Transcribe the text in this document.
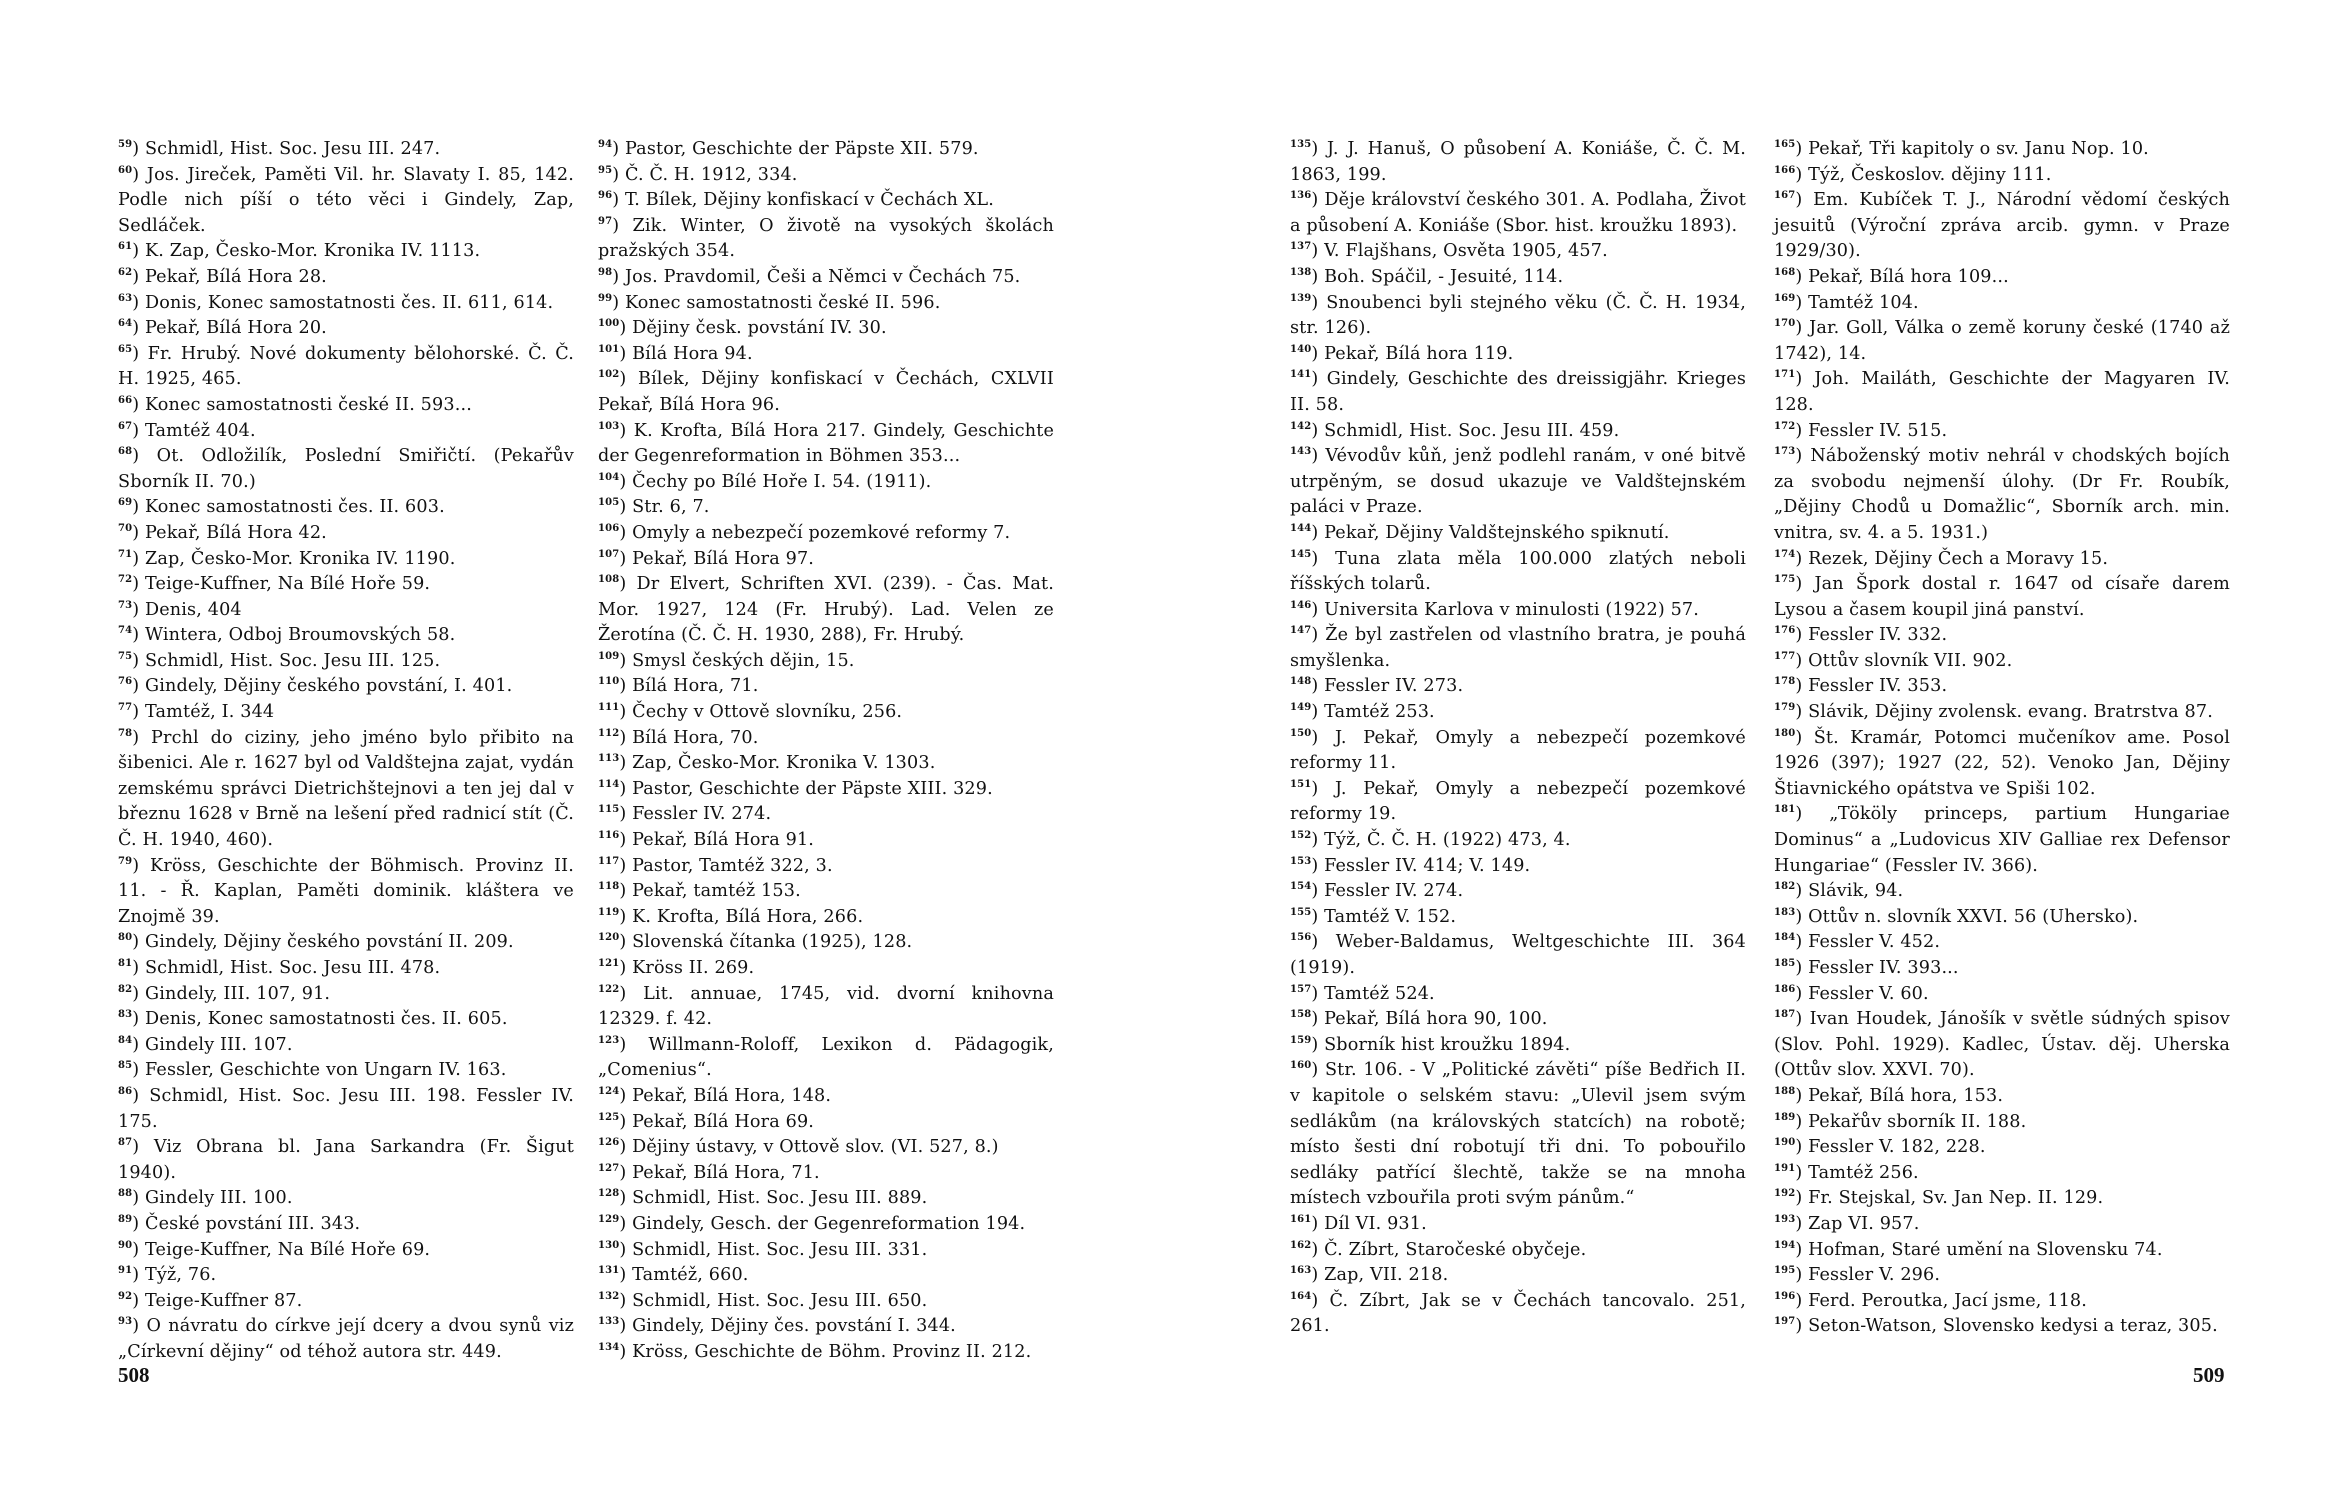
$^{59}$) Schmidl, Hist. Soc. Jesu III. 247.

$^{60}$) Jos. Jireček, Paměti Vil. hr. Slavaty I. 85, 142. Podle nich píší o této věci i Gindely, Zap, Sedláček.

$^{61}$) K. Zap, Česko-Mor. Kronika IV. 1113.

$^{62}$) Pekař, Bílá Hora 28.

$^{63}$) Donis, Konec samostatnosti čes. II. 611, 614.

$^{64}$) Pekař, Bílá Hora 20.

$^{65}$) Fr. Hrubý. Nové dokumenty bělohorské. Č. Č. H. 1925, 465.

$^{66}$) Konec samostatnosti české II. 593...

$^{67}$) Tamtéž 404.

$^{68}$) Ot. Odložilík, Poslední Smiřičtí. (Pekařův Sborník II. 70.)

$^{69}$) Konec samostatnosti čes. II. 603.

$^{70}$) Pekař, Bílá Hora 42.

$^{71}$) Zap, Česko-Mor. Kronika IV. 1190.

$^{72}$) Teige-Kuffner, Na Bílé Hoře 59.

$^{73}$) Denis, 404

$^{74}$) Wintera, Odboj Broumovských 58.

$^{75}$) Schmidl, Hist. Soc. Jesu III. 125.

$^{76}$) Gindely, Dějiny českého povstání, I. 401.

$^{77}$) Tamtéž, I. 344

$^{78}$) Prchl do ciziny, jeho jméno bylo přibito na šibenici. Ale r. 1627 byl od Valdštejna zajat, vydán zemskému správci Dietrichštejnovi a ten jej dal v březnu 1628 v Brně na lešení před radnicí stít (Č. Č. H. 1940, 460).

$^{79}$) Kröss, Geschichte der Böhmisch. Provinz II. 11. - Ř. Kaplan, Paměti dominik. kláštera ve Znojmě 39.

$^{80}$) Gindely, Dějiny českého povstání II. 209.

$^{81}$) Schmidl, Hist. Soc. Jesu III. 478.

$^{82}$) Gindely, III. 107, 91.

$^{83}$) Denis, Konec samostatnosti čes. II. 605.

$^{84}$) Gindely III. 107.

$^{85}$) Fessler, Geschichte von Ungarn IV. 163.

$^{86}$) Schmidl, Hist. Soc. Jesu III. 198. Fessler IV. 175.

$^{87}$) Viz Obrana bl. Jana Sarkandra (Fr. Šigut 1940).

$^{88}$) Gindely III. 100.

$^{89}$) České povstání III. 343.

$^{90}$) Teige-Kuffner, Na Bílé Hoře 69.

$^{91}$) Týž, 76.

$^{92}$) Teige-Kuffner 87.

$^{93}$) O návratu do církve její dcery a dvou synů viz „Církevní dějiny“ od téhož autora str. 449.

$^{94}$) Pastor, Geschichte der Päpste XII. 579.

$^{95}$) Č. Č. H. 1912, 334.

$^{96}$) T. Bílek, Dějiny konfiskací v Čechách XL.

$^{97}$) Zik. Winter, O životě na vysokých školách pražských 354.

$^{98}$) Jos. Pravdomil, Češi a Němci v Čechách 75.

$^{99}$) Konec samostatnosti české II. 596.

$^{100}$) Dějiny česk. povstání IV. 30.

$^{101}$) Bílá Hora 94.

$^{102}$) Bílek, Dějiny konfiskací v Čechách, CXLVII Pekař, Bílá Hora 96.

$^{103}$) K. Krofta, Bílá Hora 217. Gindely, Geschichte der Gegenreformation in Böhmen 353...

$^{104}$) Čechy po Bílé Hoře I. 54. (1911).

$^{105}$) Str. 6, 7.

$^{106}$) Omyly a nebezpečí pozemkové reformy 7.

$^{107}$) Pekař, Bílá Hora 97.

$^{108}$) Dr Elvert, Schriften XVI. (239). - Čas. Mat. Mor. 1927, 124 (Fr. Hrubý). Lad. Velen ze Žerotína (Č. Č. H. 1930, 288), Fr. Hrubý.

$^{109}$) Smysl českých dějin, 15.

$^{110}$) Bílá Hora, 71.

$^{111}$) Čechy v Ottově slovníku, 256.

$^{112}$) Bílá Hora, 70.

$^{113}$) Zap, Česko-Mor. Kronika V. 1303.

$^{114}$) Pastor, Geschichte der Päpste XIII. 329.

$^{115}$) Fessler IV. 274.

$^{116}$) Pekař, Bílá Hora 91.

$^{117}$) Pastor, Tamtéž 322, 3.

$^{118}$) Pekař, tamtéž 153.

$^{119}$) K. Krofta, Bílá Hora, 266.

$^{120}$) Slovenská čítanka (1925), 128.

$^{121}$) Kröss II. 269.

$^{122}$) Lit. annuae, 1745, vid. dvorní knihovna 12329. f. 42.

$^{123}$) Willmann-Roloff, Lexikon d. Pädagogik, „Comenius“.

$^{124}$) Pekař, Bílá Hora, 148.

$^{125}$) Pekař, Bílá Hora 69.

$^{126}$) Dějiny ústavy, v Ottově slov. (VI. 527, 8.)

$^{127}$) Pekař, Bílá Hora, 71.

$^{128}$) Schmidl, Hist. Soc. Jesu III. 889.

$^{129}$) Gindely, Gesch. der Gegenreformation 194.

$^{130}$) Schmidl, Hist. Soc. Jesu III. 331.

$^{131}$) Tamtéž, 660.

$^{132}$) Schmidl, Hist. Soc. Jesu III. 650.

$^{133}$) Gindely, Dějiny čes. povstání I. 344.

$^{134}$) Kröss, Geschichte de Böhm. Provinz II. 212.

508

$^{135}$) J. J. Hanuš, O působení A. Koniáše, Č. Č. M. 1863, 199.

$^{136}$) Děje království českého 301. A. Podlaha, Život a působení A. Koniáše (Sbor. hist. kroužku 1893).

$^{137}$) V. Flajšhans, Osvěta 1905, 457.

$^{138}$) Boh. Spáčil, - Jesuité, 114.

$^{139}$) Snoubenci byli stejného věku (Č. Č. H. 1934, str. 126).

$^{140}$) Pekař, Bílá hora 119.

$^{141}$) Gindely, Geschichte des dreissigjähr. Krieges II. 58.

$^{142}$) Schmidl, Hist. Soc. Jesu III. 459.

$^{143}$) Vévodův kůň, jenž podlehl ranám, v oné bitvě utrpěným, se dosud ukazuje ve Valdštejnském paláci v Praze.

$^{144}$) Pekař, Dějiny Valdštejnského spiknutí.

$^{145}$) Tuna zlata měla 100.000 zlatých neboli říšských tolarů.

$^{146}$) Universita Karlova v minulosti (1922) 57.

$^{147}$) Že byl zastřelen od vlastního bratra, je pouhá smyšlenka.

$^{148}$) Fessler IV. 273.

$^{149}$) Tamtéž 253.

$^{150}$) J. Pekař, Omyly a nebezpečí pozemkové reformy 11.

$^{151}$) J. Pekař, Omyly a nebezpečí pozemkové reformy 19.

$^{152}$) Týž, Č. Č. H. (1922) 473, 4.

$^{153}$) Fessler IV. 414; V. 149.

$^{154}$) Fessler IV. 274.

$^{155}$) Tamtéž V. 152.

$^{156}$) Weber-Baldamus, Weltgeschichte III. 364 (1919).

$^{157}$) Tamtéž 524.

$^{158}$) Pekař, Bílá hora 90, 100.

$^{159}$) Sborník hist kroužku 1894.

$^{160}$) Str. 106. - V „Politické závěti“ píše Bedřich II. v kapitole o selském stavu: „Ulevil jsem svým sedlákům (na královských statcích) na robotě; místo šesti dní robotují tři dni. To pobouřilo sedláky patřící šlechtě, takže se na mnoha místech vzbouřila proti svým pánům.“

$^{161}$) Díl VI. 931.

$^{162}$) Č. Zíbrt, Staročeské obyčeje.

$^{163}$) Zap, VII. 218.

$^{164}$) Č. Zíbrt, Jak se v Čechách tancovalo. 251, 261.

$^{165}$) Pekař, Tři kapitoly o sv. Janu Nop. 10.

$^{166}$) Týž, Českoslov. dějiny 111.

$^{167}$) Em. Kubíček T. J., Národní vědomí českých jesuitů (Výroční zpráva arcib. gymn. v Praze 1929/30).

$^{168}$) Pekař, Bílá hora 109...

$^{169}$) Tamtéž 104.

$^{170}$) Jar. Goll, Válka o země koruny české (1740 až 1742), 14.

$^{171}$) Joh. Mailáth, Geschichte der Magyaren IV. 128.

$^{172}$) Fessler IV. 515.

$^{173}$) Náboženský motiv nehrál v chodských bojích za svobodu nejmenší úlohy. (Dr Fr. Roubík, „Dějiny Chodů u Domažlic“, Sborník arch. min. vnitra, sv. 4. a 5. 1931.)

$^{174}$) Rezek, Dějiny Čech a Moravy 15.

$^{175}$) Jan Špork dostal r. 1647 od císaře darem Lysou a časem koupil jiná panství.

$^{176}$) Fessler IV. 332.

$^{177}$) Ottův slovník VII. 902.

$^{178}$) Fessler IV. 353.

$^{179}$) Slávik, Dějiny zvolensk. evang. Bratrstva 87.

$^{180}$) Št. Kramár, Potomci mučeníkov ame. Posol 1926 (397); 1927 (22, 52). Venoko Jan, Dějiny Štiavnického opátstva ve Spiši 102.

$^{181}$) „Tököly princeps, partium Hungariae Dominus“ a „Ludovicus XIV Galliae rex Defensor Hungariae“ (Fessler IV. 366).

$^{182}$) Slávik, 94.

$^{183}$) Ottův n. slovník XXVI. 56 (Uhersko).

$^{184}$) Fessler V. 452.

$^{185}$) Fessler IV. 393...

$^{186}$) Fessler V. 60.

$^{187}$) Ivan Houdek, Jánošík v světle súdných spisov (Slov. Pohl. 1929). Kadlec, Ústav. děj. Uherska (Ottův slov. XXVI. 70).

$^{188}$) Pekař, Bílá hora, 153.

$^{189}$) Pekařův sborník II. 188.

$^{190}$) Fessler V. 182, 228.

$^{191}$) Tamtéž 256.

$^{192}$) Fr. Stejskal, Sv. Jan Nep. II. 129.

$^{193}$) Zap VI. 957.

$^{194}$) Hofman, Staré umění na Slovensku 74.

$^{195}$) Fessler V. 296.

$^{196}$) Ferd. Peroutka, Jací jsme, 118.

$^{197}$) Seton-Watson, Slovensko kedysi a teraz, 305.

509
